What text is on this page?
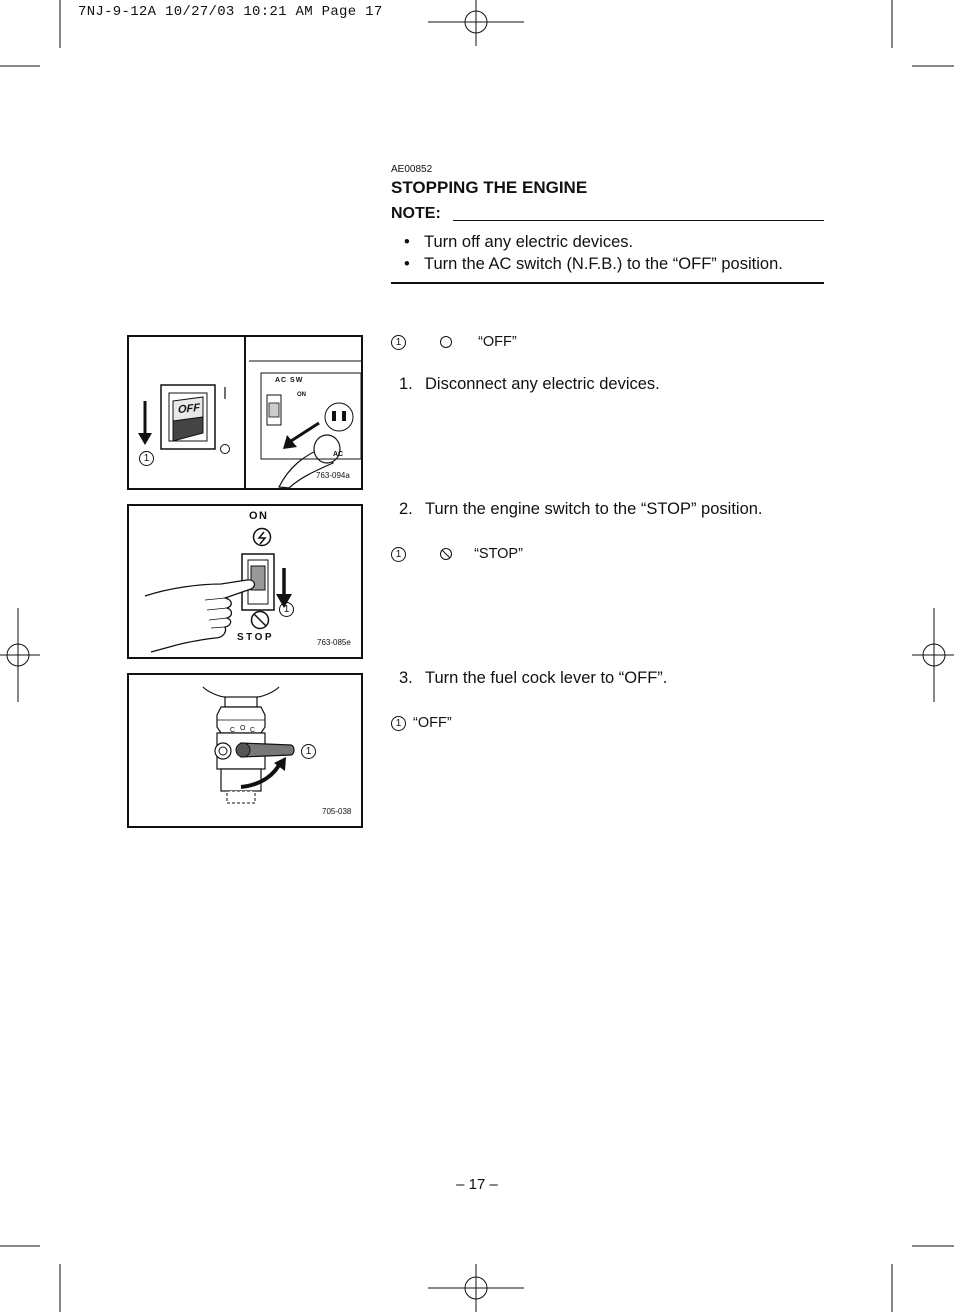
7NJ-9-12A 10/27/03 10:21 AM Page 17
AE00852
STOPPING THE ENGINE
NOTE:
• Turn off any electric devices.
• Turn the AC switch (N.F.B.) to the “OFF” position.
OFF
AC SW
ON
AC
1
763-094a
ON
STOP
1
763-085e
C O C
1
705-038
1	“OFF”
1. Disconnect any electric devices.
2. Turn the engine switch to the “STOP” position.
1	“STOP”
3. Turn the fuel cock lever to “OFF”.
1 “OFF”
– 17 –
